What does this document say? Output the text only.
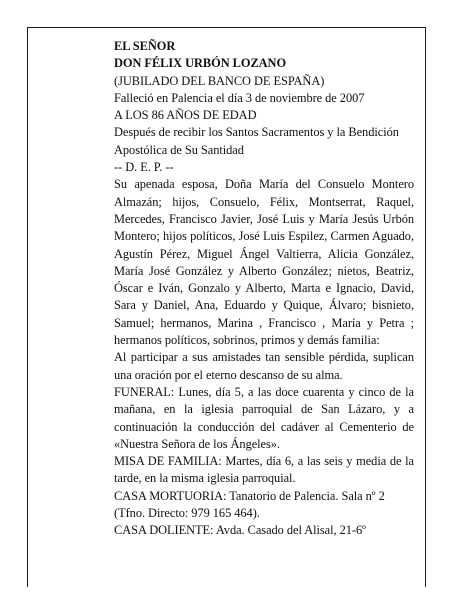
EL SEÑOR

DON FÉLIX URBÓN LOZANO

(JUBILADO DEL BANCO DE ESPAÑA)

Falleció en Palencia el día 3 de noviembre de 2007

A LOS 86 AÑOS DE EDAD

Después de recibir los Santos Sacramentos y la Bendición Apostólica de Su Santidad

-- D. E. P. --

Su apenada esposa, Doña María del Consuelo Montero Almazán; hijos, Consuelo, Félix, Montserrat, Raquel, Mercedes, Francisco Javier, José Luis y María Jesús Urbón Montero; hijos políticos, José Luis Espilez, Carmen Aguado, Agustín Pérez, Miguel Ángel Valtierra, Alicia González, María José González y Alberto González; nietos, Beatriz, Óscar e Iván, Gonzalo y Alberto, Marta e Ignacio, David, Sara y Daniel, Ana, Eduardo y Quique, Álvaro; bisnieto, Samuel; hermanos, Marina , Francisco , María y Petra ; hermanos políticos, sobrinos, primos y demás familia:

Al participar a sus amistades tan sensible pérdida, suplican una oración por el eterno descanso de su alma.

FUNERAL: Lunes, día 5, a las doce cuarenta y cinco de la mañana, en la iglesia parroquial de San Lázaro, y a continuación la conducción del cadáver al Cementerio de «Nuestra Señora de los Ángeles».

MISA DE FAMILIA: Martes, día 6, a las seis y media de la tarde, en la misma iglesia parroquial.

CASA MORTUORIA: Tanatorio de Palencia. Sala nº 2 (Tfno. Directo: 979 165 464).

CASA DOLIENTE: Avda. Casado del Alisal, 21-6º
